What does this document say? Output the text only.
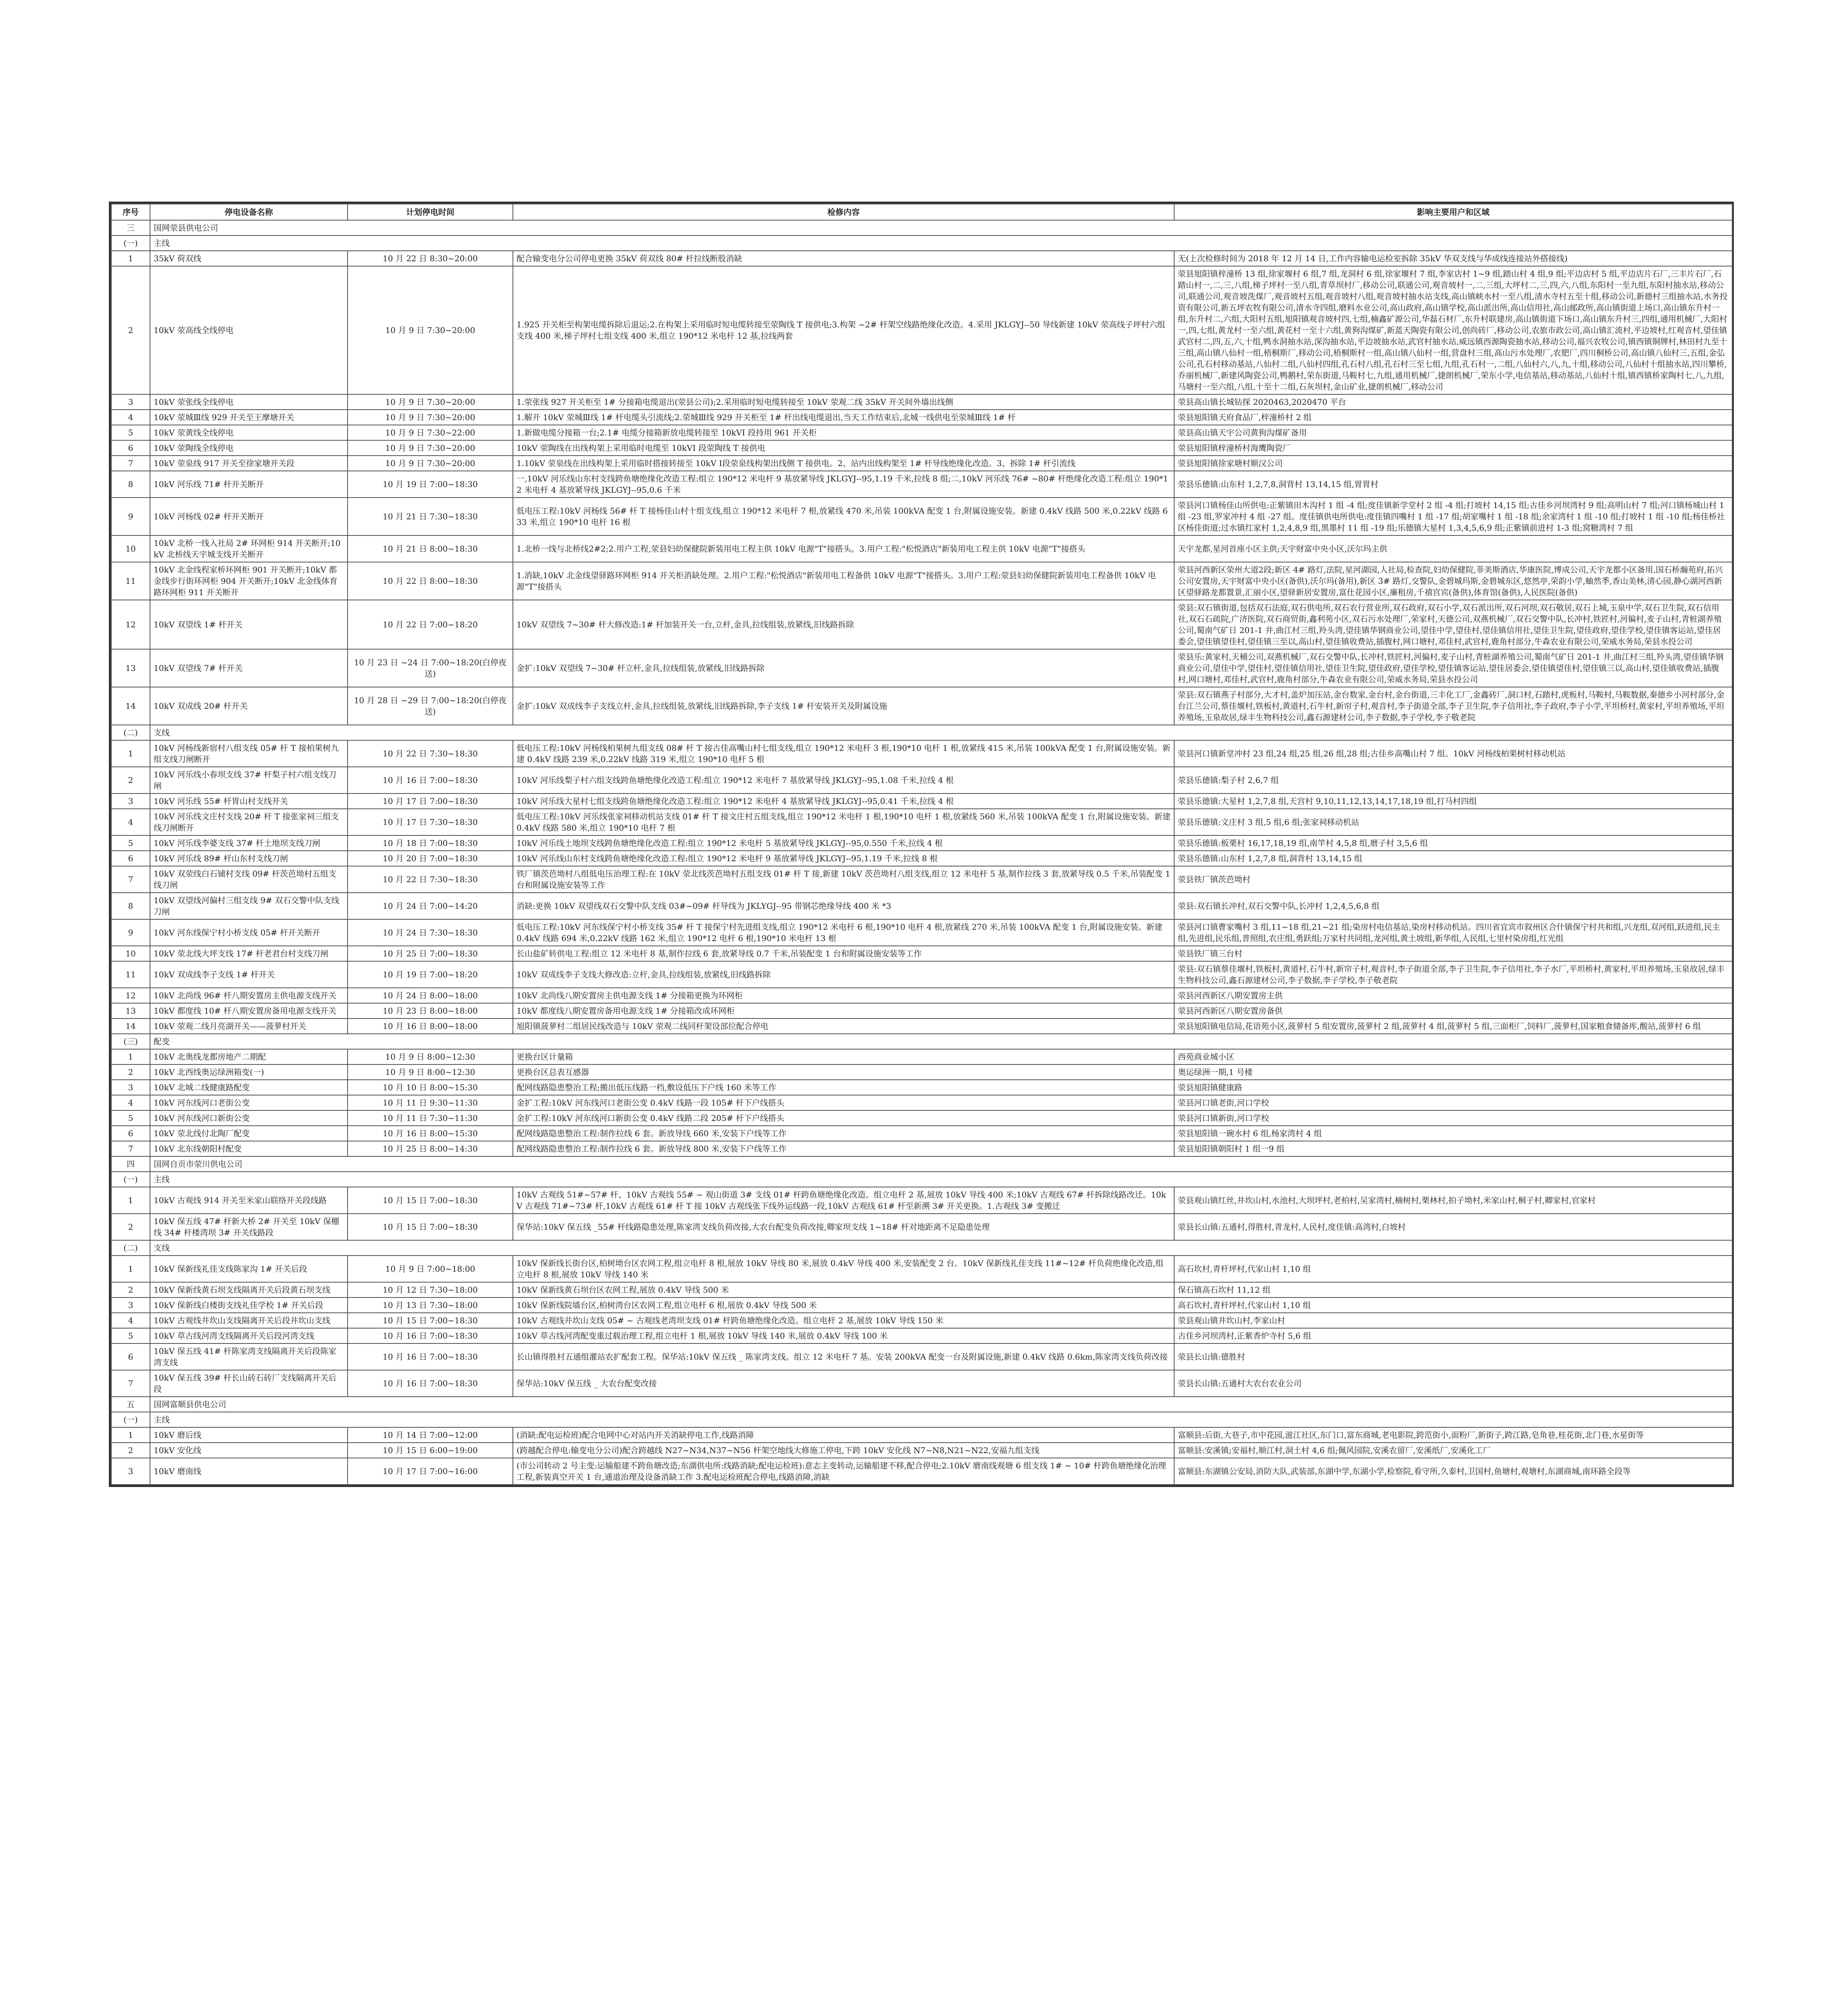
序号	停电设备名称	计划停电时间	检修内容	影响主要用户和区域
三	国网荥县供电公司			
(一)	主线			
1	35kV 荷双线	10 月 22 日 8:30~20:00	配合输变电分公司停电更换 35kV 荷双线 80# 杆拉线断股消缺	无(上次检修时间为 2018 年 12 月 14 日,工作内容输电运检室拆除 35kV 华双支线与华成线连接站外搭接线)
2	10kV 荥高线全线停电	10 月 9 日 7:30~20:00	1.925 开关柜至构架电缆拆除后退运;2.在构架上采用临时短电缆转接至荥陶线 T 接供电;3.构架 ~2# 杆架空线路绝缘化改造。4.采用 JKLGYJ--50 导线新建 10kV 荥高线子坪村六组支线 400 米,梯子坪村七组支线 400 米,组立 190*12 米电杆 12 基,拉线两套	荥县旭阳镇梓潼桥 13 组,徐家堰村 6 组,7 组,龙洞村 6 组,徐家堰村 7 组,李家店村 1~9 组,踏山村 4 组,9 组;平边店村 5 组,平边店片石厂,三丰片石厂,石踏山村一,二,三,八组,梯子坪村一至八组,青草坝村厂,移动公司,联通公司,观音坡村一,二,三组,大坪村二,三,四,六,八组,东阳村一至九组,东阳村抽水站,移动公司,联通公司,观音坡洗煤厂,观音坡村五组,观音坡村八组,观音坡村抽水站支线,高山镇峡水村一至八组,清水寺村五至十组,移动公司,新德村三组抽水站,水务投资有限公司,新五坪农牧有限公司,清水寺四组,磨料水业公司,高山政府,高山镇学校,高山派出所,高山信用社,高山邮政所,高山镇街道上场口,高山镇东升村一组,东升村二,六组,大阳村五组,旭阳镇观音坡村四,七组,楠鑫矿源公司,华磊石材厂,东升村联建房,高山镇街道下场口,高山镇东升村三,四组,通用机械厂,大阳村一,四,七组,黄龙村一至六组,黄花村一至十六组,黄狗沟煤矿,新蓝天陶瓷有限公司,创尚砖厂,移动公司,农旅市政公司,高山镇汇流村,平边坡村,红观音村,望佳镇武官村二,四,五,六,十组,鸭水洞抽水站,深沟抽水站,平边坡抽水站,武官村抽水站,威远镇西源陶瓷抽水站,移动公司,福兴农牧公司,镇西镇铜牌村,林田村九至十三组,高山镇八仙村一组,梧桐斯厂,移动公司,梧桐斯村一组,高山镇八仙村一组,营盘村三组,高山污水处理厂,农肥厂,四川桐桥公司,高山镇八仙村三,五组,金弘公司,孔石村移动基站,八仙村二组,八仙村四组,孔石村八组,孔石村三至七组,九组,孔石村一,二组,八仙村六,八,九,十组,移动公司,八仙村十组抽水站,四川攀桥,乔丽机械厂,新建风陶瓷公司,鸭鹅村,荣东街道,马鞍村七,九组,通用机械厂,捷朗机械厂,荣东小学,电信基站,移动基站,八仙村十组,镇西镇桥家陶村七,八,九组,马塘村一至六组,八组,十至十二组,石灰坝村,金山矿业,捷朗机械厂,移动公司
3	10kV 荥张线全线停电	10 月 9 日 7:30~20:00	1.荥张线 927 开关柜至 1# 分接箱电缆退出(荥县公司);2.采用临时短电缆转接至 10kV 荥观二线 35kV 开关间外墙出线侧	荥县高山镇长城钻探 2020463,2020470 平台
4	10kV 荥城Ⅲ线 929 开关至王摩塘开关	10 月 9 日 7:30~20:00	1.解开 10kV 荥城Ⅲ线 1# 杆电缆头引流线;2.荥城Ⅲ线 929 开关柜至 1# 杆出线电缆退出,当天工作结束后,北城一线供电至荥城Ⅲ线 1# 杆	荥县旭阳镇天府食品厂,梓潼桥村 2 组
5	10kV 荥黄线全线停电	10 月 9 日 7:30~22:00	1.新做电缆分接箱一台;2.1# 电缆分接箱新放电缆转接至 10kVI 段持用 961 开关柜	荥县高山镇天宇公司黄狗沟煤矿备用
6	10kV 荥陶线全线停电	10 月 9 日 7:30~20:00	10kV 荥陶线在出线构架上采用临时电缆至 10kVI 段荥陶线 T 接供电	荥县旭阳镇梓潼桥村海鹰陶瓷厂
7	10kV 荥泉线 917 开关至徐家塘开关段	10 月 9 日 7:30~20:00	1.10kV 荥泉线在出线构架上采用临时搭接转接至 10kV Ⅰ段荥泉线构架出线侧 T 接供电。2、站内出线构架至 1# 杆导线绝缘化改造。3、拆除 1# 杆引流线	荥县旭阳镇徐家塘村顺汉公司
8	10kV 河乐线 71# 杆开关断开	10 月 19 日 7:00~18:30	一,10kV 河乐线山东村支线跨鱼塘绝缘化改造工程:组立 190*12 米电杆 9 基放紧导线 JKLGYJ--95,1.19 千米,拉线 8 组;二,10kV 河乐线 76# ~80# 杆绝缘化改造工程:组立 190*12 米电杆 4 基放紧导线 JKLGYJ--95,0.6 千米	荥县乐德镇:山东村 1,2,7,8,洞背村 13,14,15 组,胃胃村
9	10kV 河杨线 02# 杆开关断开	10 月 21 日 7:30~18:30	低电压工程:10kV 河杨线 56# 杆 T 接杨佳山村十组支线,组立 190*12 米电杆 7 根,放紧线 470 米,吊装 100kVA 配变 1 台,附属设施安装。新建 0.4kV 线路 500 米,0.22kV 线路 633 米,组立 190*10 电杆 16 根	荥县河口镇杨佳山所供电:正紫镇田木沟村 1 组 -4 组;度佳镇新学堂村 2 组 -4 组;打坡村 14,15 组;古佳乡河坝湾村 9 组;高明山村 7 组;河口镇杨城山村 1 组 -23 组,罗家冲村 4 组 -27 组。度佳镇供电所供电:度佳镇四嘴村 1 组 -17 组;胡家嘴村 1 组 -18 组;余家湾村 1 组 -10 组;打坡村 1 组 -10 组;杨佳桥社区杨佳街道;过水镇红家村 1,2,4,8,9 组,黑墨村 11 组 -19 组;乐德镇大星村 1,3,4,5,6,9 组;正紫镇前进村 1-3 组;窝糖湾村 7 组
10	10kV 北桥一线入社局 2# 环网柜 914 开关断开;10kV 北桥线天宇城支线开关断开	10 月 21 日 8:00~18:30	1.北桥一线与北桥线2#2;2.用户工程,荥县妇幼保健院新装用电工程主供 10kV 电源"T"接搭头。3.用户工程:"松悦酒店"新装用电工程主供 10kV 电源"T"接搭头	天宇龙都,星河首座小区主供;天宇财富中央小区,沃尔玛主供
11	10kV 北金线程家桥环网柜 901 开关断开;10kV 都金线步行街环网柜 904 开关断开;10kV 北金线体育路环网柜 911 开关断开	10 月 22 日 8:00~18:30	1.消缺,10kV 北金线望驿路环网柜 914 开关柜消缺处理。2.用户工程:"松悦酒店"新装用电工程备供 10kV 电源"T"接搭头。3.用户工程:荥县妇幼保健院新装用电工程备供 10kV 电源"T"接搭头	荥县河西新区荥州大道2段;新区 4# 路灯,法院,星河湖园,人社局,检查院,妇幼保健院,菲美斯酒店,华康医院,博成公司,天宇龙都小区备用,国石桥瀚苑府,拓兴公司安置房,天宇财富中央小区(备供),沃尔玛(备用),新区 3# 路灯,交警队,金碧城玛斯,金碧城东区,悠然亭,荣韵小学,蚰然季,香山美林,清心园,静心湖河西新区望驿路龙都置景,汇丽小区,望驿新居安置房,富仕花园小区,廉租房,千禧宫宾(备供),体育馆(备供),人民医院(备供)
12	10kV 双望线 1# 杆开关	10 月 22 日 7:00~18:20	10kV 双望线 7~30# 杆大修改造:1# 杆加装开关一台,立杆,金具,拉线组装,放紧线,旧线路拆除	荥县:双石镇街道,包括双石法庭,双石供电所,双石农行营业所,双石政府,双石小学,双石派出所,双石河坝,双石敬居,双石上城,玉泉中学,双石卫生院,双石信用社,双石石疏院,广济医院,双石商贸街,鑫利苑小区,双石污水处理厂,荣家村,天德公司,双燕机械厂,双石交警中队,长冲村,铁匠村,河偏村,麦子山村,青桩湖养殖公司,蜀南气矿日 201-1 井,曲江村三组,羚头湾,望佳镇华钢商业公司,望佳中学,望佳村,望佳镇信用社,望佳卫生院,望佳政府,望佳学校,望佳镇客运站,望佳居委会,望佳镇望佳村,望佳镇三至以,高山村,望佳镇收费站,插腹村,网口塘村,邓佳村,武官村,鹿角村部分,牛森农业有限公司,荣威水务局,荣县水投公司
13	10kV 双望线 7# 杆开关	10 月 23 日 ~24 日 7:00~18:20(白停夜送)	金扩:10kV 双望线 7~30# 杆立杆,金具,拉线组装,放紧线,旧线路拆除	荥县乐:黄家村,天桶公司,双燕机械厂,双石交警中队,长冲村,铁匠村,河偏村,麦子山村,青桩湖养殖公司,蜀南气矿日 201-1 井,曲江村三组,羚头湾,望佳镇华钢商业公司,望佳中学,望佳村,望佳镇信用社,望佳卫生院,望佳政府,望佳学校,望佳镇客运站,望佳居委会,望佳镇望佳村,望佳镇三以,高山村,望佳镇收费站,插腹村,网口塘村,邓佳村,武官村,鹿角村部分,牛森农业有限公司,荣威水务局,荣县水投公司
14	10kV 双成线 20# 杆开关	10 月 28 日 ~29 日 7:00~18:20(白停夜送)	金扩:10kV 双成线李子支线立杆,金具,拉线组装,放紧线,旧线路拆除,李子支线 1# 杆安装开关及附属设施	荥县:双石镇燕子村部分,大才村,盖炉加压站,金台数家,金台村,金台街道,三丰化工厂,金鑫砖厂,洞口村,石踏村,虎板村,马鞍村,马鞍数据,秦德乡小河村部分,金台江兰公司,蔡佳堰村,铁板村,黄道村,石牛村,新帘子村,观音村,李子街道全部,李子卫生院,李子信用社,李子政府,李子小学,平坦桥村,黄家村,平坦养殖场,平坦养殖场,玉泉故居,绿丰生物科技公司,鑫石源建材公司,李子数据,李子学校,李子敬老院
(二)	支线			
1	10kV 河杨线新宿村八组支线 05# 杆 T 接柏果树九组支线刀闸断开	10 月 22 日 7:30~18:30	低电压工程:10kV 河杨线柏果树九组支线 08# 杆 T 接古佳高嘴山村七组支线,组立 190*12 米电杆 3 根,190*10 电杆 1 根,放紧线 415 米,吊装 100kVA 配变 1 台,附属设施安装。新建 0.4kV 线路 239 米,0.22kV 线路 319 米,组立 190*10 电杆 5 根	荥县河口镇新堂冲村 23 组,24 组,25 组,26 组,28 组;古佳乡高嘴山村 7 组。10kV 河杨线柏果树村移动机站
2	10kV 河乐线小春坝支线 37# 杆梨子村六组支线刀闸	10 月 16 日 7:00~18:30	10kV 河乐线梨子村六组支线跨鱼塘绝缘化改造工程:组立 190*12 米电杆 7 基放紧导线 JKLGYJ--95,1.08 千米,拉线 4 根	荥县乐德镇:梨子村 2,6,7 组
3	10kV 河乐线 55# 杆胃山村支线开关	10 月 17 日 7:00~18:30	10kV 河乐线大星村七组支线跨鱼塘绝缘化改造工程:组立 190*12 米电杆 4 基放紧导线 JKLGYJ--95,0.41 千米,拉线 4 根	荥县乐德镇:大星村 1,2,7,8 组,天宫村 9,10,11,12,13,14,17,18,19 组,打马村四组
4	10kV 河乐线文庄村支线 20# 杆 T 接张家祠三组支线刀闸断开	10 月 17 日 7:30~18:30	低电压工程:10kV 河乐线张家祠移动机站支线 01# 杆 T 接文庄村五组支线,组立 190*12 米电杆 1 根,190*10 电杆 1 根,放紧线 560 米,吊装 100kVA 配变 1 台,附属设施安装。新建 0.4kV 线路 580 米,组立 190*10 电杆 7 根	荥县乐德镇:文庄村 3 组,5 组,6 组;张家祠移动机站
5	10kV 河乐线李婆支线 37# 杆土地坝支线刀闸	10 月 18 日 7:00~18:30	10kV 河乐线土地坝支线跨鱼塘绝缘化改造工程:组立 190*12 米电杆 5 基放紧导线 JKLGYJ--95,0.550 千米,拉线 4 根	荥县乐德镇:板栗村 16,17,18,19 组,南竿村 4,5,8 组,磨子村 3,5,6 组
6	10kV 河乐线 89# 杆山东村支线刀闸	10 月 20 日 7:00~18:30	10kV 河乐线山东村支线跨鱼塘绝缘化改造工程:组立 190*12 米电杆 9 基放紧导线 JKLGYJ--95,1.19 千米,拉线 8 根	荥县乐德镇:山东村 1,2,7,8 组,洞背村 13,14,15 组
7	10kV 双荥线白石铺村支线 09# 杆茨芭坳村五组支线刀闸	10 月 22 日 7:30~18:30	铁厂镇茨芭坳村八组低电压治理工程:在 10kV 荥北线茨芭坳村五组支线 01# 杆 T 接,新建 10kV 茨芭坳村八组支线,组立 12 米电杆 5 基,制作拉线 3 套,放紧导线 0.5 千米,吊装配变 1 台和附属设施安装等工作	荥县铁厂镇茨芭坳村
8	10kV 双望线河偏村三组支线 9# 双石交警中队支线刀闸	10 月 24 日 7:00~14:20	消缺:更换 10kV 双望线双石交警中队支线 03#~09# 杆导线为 JKLYGJ--95 带钢芯绝缘导线 400 米 *3	荥县:双石镇长冲村,双石交警中队,长冲村 1,2,4,5,6,8 组
9	10kV 河东线保宁村小桥支线 05# 杆开关断开	10 月 24 日 7:30~18:30	低电压工程:10kV 河东线保宁村小桥支线 35# 杆 T 接保宁村先进组支线,组立 190*12 米电杆 6 根,190*10 电杆 4 根,放紧线 270 米,吊装 100kVA 配变 1 台,附属设施安装。新建 0.4kV 线路 694 米,0.22kV 线路 162 米,组立 190*12 电杆 6 根,190*10 米电杆 13 根	荥县河口镇曹家嘴村 3 组,11~18 组,21~21 组;染房村电信基站,染房村移动机站。四川省宜宾市叙州区合什镇保宁村共和组,兴龙组,双河组,跃进组,民主组,先进组,民乐组,普照组,农庄组,勇跃组;万家村共同组,龙河组,黄土坡组,新华组,人民组,七里村染房组,红光组
10	10kV 荥北线大坪支线 17# 杆老君台村支线刀闸	10 月 25 日 7:00~18:30	长山盐矿转供电工程:组立 12 米电杆 8 基,制作拉线 6 套,放紧导线 0.7 千米,吊装配变 1 台和附属设施安装等工作	荥县铁厂镇三台村
11	10kV 双成线李子支线 1# 杆开关	10 月 19 日 7:00~18:20	10kV 双成线李子支线大修改造:立杆,金具,拉线组装,放紧线,旧线路拆除	荥县:双石镇蔡佳堰村,铁板村,黄道村,石牛村,新帘子村,观音村,李子街道全部,李子卫生院,李子信用社,李子水厂,平坦桥村,黄家村,平坦养殖场,玉泉故居,绿丰生物科技公司,鑫石源建材公司,李子数据,李子学校,李子敬老院
12	10kV 北尚线 96# 杆八期安置房主供电源支线开关	10 月 24 日 8:00~18:00	10kV 北尚线八期安置房主供电源支线 1# 分接箱更换为环网柜	荥县河西新区八期安置房主供
13	10kV 都度线 10# 杆八期安置房备用电源支线开关	10 月 23 日 8:00~18:00	10kV 都度线八期安置房备用电源支线 1# 分接箱改成环网柜	荥县河西新区八期安置房备供
14	10kV 荥观二线月亮湖开关——菠萝村开关	10 月 16 日 8:00~18:00	旭阳镇菠萝村二组居民线改造与 10kV 荥观二线同杆架设部位配合停电	荥县旭阳镇电信局,花语苑小区,菠萝村 5 组安置房,菠萝村 2 组,菠萝村 4 组,菠萝村 5 组,三面柜厂,饲料厂,菠萝村,国家粮食储备库,酸站,菠萝村 6 组
(三)	配变			
1	10kV 北奥线龙都房地产二期配	10 月 9 日 8:00~12:30	更换台区计量箱	西苑商业城小区
2	10kV 北西线奥运绿洲箱变(一)	10 月 9 日 8:00~12:30	更换台区总表互感器	奥运绿洲一期,1 号楼
3	10kV 北城二线健康路配变	10 月 10 日 8:00~15:30	配网线路隐患整治工程;搬出低压线路一档,敷设低压下户线 160 米等工作	荥县旭阳镇健康路
4	10kV 河东线河口老街公变	10 月 11 日 9:30~11:30	金扩工程:10kV 河东线河口老街公变 0.4kV 线路一段 105# 杆下户线搭头	荥县河口镇老街,河口学校
5	10kV 河东线河口新街公变	10 月 11 日 7:30~11:30	金扩工程:10kV 河东线河口新街公变 0.4kV 线路二段 205# 杆下户线搭头	荥县河口镇新街,河口学校
6	10kV 荥北线付北陶厂配变	10 月 16 日 8:00~15:30	配网线路隐患整治工程:制作拉线 6 套。新放导线 660 米,安装下户线等工作	荥县旭阳镇一碗水村 6 组,杨家湾村 4 组
7	10kV 北东线朝阳村配变	10 月 25 日 8:00~14:30	配网线路隐患整治工程:制作拉线 6 套。新放导线 800 米,安装下户线等工作	荥县旭阳镇朝阳村 1 组一9 组
四	国网自贡市荥川供电公司			
(一)	主线			
1	10kV 古观线 914 开关至米家山联络开关段线路	10 月 15 日 7:00~18:30	10kV 古观线 51#~57# 杆、10kV 古观线 55# ~ 观山街道 3# 支线 01# 杆跨鱼塘绝缘化改造。组立电杆 2 基,展放 10kV 导线 400 米;10kV 古观线 67# 杆拆除线路改迁。10kV 古观线 71#~73# 杆,10kV 古观线 61# 杆 T 接 10kV 古观线张下线外运线路一段,10kV 古观线 61# 杆至新溯 3# 开关更换。1.古观线 3# 变搬迁	荥县观山镇红丝,井坎山村,水池村,大坝坪村,老柏村,吴家湾村,楠树村,栗林村,拍子坳村,米家山村,桐子村,卿家村,官家村
2	10kV 保五线 47# 杆新大桥 2# 开关至 10kV 保棚线 34# 杆楼湾坝 3# 开关线路段	10 月 15 日 7:00~18:30	保华站:10kV 保五线 _55# 杆线路隐患处理,陈家湾支线负荷改接,大农台配变负荷改接,卿家坝支线 1~18# 杆对地距离不足隐患处理	荥县长山镇:五通村,得胜村,青龙村,人民村,度佳镇:高湾村,白坡村
(二)	支线			
1	10kV 保新线礼佳支线陈家沟 1# 开关后段	10 月 9 日 7:00~18:00	10kV 保新线长街台区,柏树坳台区农网工程,组立电杆 8 根,展放 10kV 导线 80 米,展放 0.4kV 导线 400 米,安装配变 2 台。10kV 保新线礼佳支线 11#~12# 杆负荷绝缘化改造,组立电杆 8 根,展放 10kV 导线 140 米	高石坎村,青杆坪村,代家山村 1,10 组
2	10kV 保新线黄石坝支线隔离开关后段黄石坝支线	10 月 12 日 7:30~18:00	10kV 保新线黄石坝台区农网工程,展放 0.4kV 导线 500 米	保石镇高石坎村 11,12 组
3	10kV 保新线白楼街支线礼佳学校 1# 开关后段	10 月 13 日 7:30~18:00	10kV 保新线院墙台区,柏树湾台区农网工程,组立电杆 6 根,展放 0.4kV 导线 500 米	高石坎村,青杆坪村,代家山村 1,10 组
4	10kV 古观线井坎山支线隔离开关后段井坎山支线	10 月 15 日 7:00~18:30	10kV 古观线井坎山支线 05# ~ 古观线老湾坝支线 01# 杆跨鱼塘绝缘化改造。组立电杆 2 基,展放 10kV 导线 150 米	荥县观山镇井坎山村,李家山村
5	10kV 草古线河湾支线隔离开关后段河湾支线	10 月 16 日 7:00~18:30	10kV 草古线河湾配变重过载治理工程,组立电杆 1 根,展放 10kV 导线 140 米,展放 0.4kV 导线 100 米	古佳乡河坝湾村,正紫香炉寺村 5,6 组
6	10kV 保五线 41# 杆陈家湾支线隔离开关后段陈家湾支线	10 月 16 日 7:00~18:30	长山镇得胜村五通组灌站农扩配套工程。保华站:10kV 保五线 _ 陈家湾支线。组立 12 米电杆 7 基。安装 200kVA 配变一台及附属设施,新建 0.4kV 线路 0.6km,陈家湾支线负荷改接	荥县长山镇:德胜村
7	10kV 保五线 39# 杆长山砖石砖厂支线隔离开关后段	10 月 16 日 7:00~18:30	保华站:10kV 保五线 _ 大农台配变改接	荥县长山镇:五通村大农台农业公司
五	国网富顺县供电公司			
(一)	主线			
1	10kV 磨后线	10 月 14 日 7:00~12:00	(消缺:配电运检班)配合电网中心对站内开关消缺停电工作,线路消障	富顺县:后街,大巷子,市中花园,滋江社区,东门口,富东商城,老电影院,跨范街小,面粉厂,新街子,跨江路,皂角巷,桂花街,北门巷,水星街等
2	10kV 安化线	10 月 15 日 6:00~19:00	(跨越配合停电:输变电分公司)配合跨越线 N27~N34,N37~N56 杆架空地线大修施工停电,下跨 10kV 安化线 N7~N8,N21~N22,安福九组支线	富顺县:安溪镇;安福村,顺江村,洞土村 4,6 组;佩风园院,安溪农留厂,安溪纸厂,安溪化工厂
3	10kV 磨南线	10 月 17 日 7:00~16:00	(市公司转动 2 号主变:运输船建不跨鱼塘改造;东湖供电所:线路消缺;配电运检班):意志主变转动,运输船建不移,配合停电;2.10kV 磨南线观塘 6 组支线 1# ~ 10# 杆跨鱼塘绝缘化治理工程,新装真空开关 1 台,通道治理及设备消缺工作 3.配电运检班配合停电,线路消障,消缺	富顺县:东湖镇公安局,消防大队,武装部,东湖中学,东湖小学,检察院,看守所,久泰村,卫国村,鱼塘村,观塘村,东湖商城,南环路全段等
